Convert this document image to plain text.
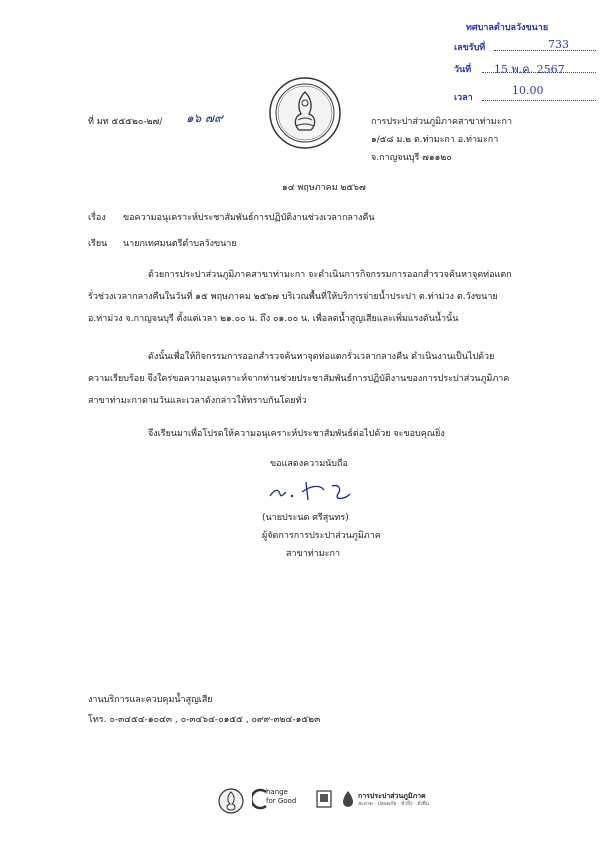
ทศบาลตำบลวังขนาย
เลขรับที่	733
วันที่ 15 พ.ค. 2567
เวลา
10.00
ที่ มท ๕๕๕๒๐-๒๗/ ๑๖ ๗๙	การประปาส่วนภูมิภาคสาขาท่ามะกา
๑/๕๘ ม.๒ ต.ท่ามะกา อ.ท่ามะกา
จ.กาญจนบุรี ๗๑๑๒๐
๑๔ พฤษภาคม ๒๕๖๗
เรื่อง ขอความอนุเคราะห์ประชาสัมพันธ์การปฏิบัติงานช่วงเวลากลางคืน
เรียน นายกเทศมนตรีตำบลวังขนาย
ด้วยการประปาส่วนภูมิภาคสาขาท่ามะกา จะดำเนินการกิจกรรมการออกสำรวจค้นหาจุดท่อแตกรั่วช่วงเวลากลางคืนในวันที่ ๑๕ พฤษภาคม ๒๕๖๗ บริเวณพื้นที่ให้บริการจ่ายน้ำประปา ต.ท่าม่วง ต.วังขนาย อ.ท่าม่วง จ.กาญจนบุรี ตั้งแต่เวลา ๒๑.๐๐ น. ถึง ๐๑.๐๐ น. เพื่อลดน้ำสูญเสียและเพิ่มแรงดันน้ำนั้น
ดังนั้นเพื่อให้กิจกรรมการออกสำรวจค้นหาจุดท่อแตกรั่วเวลากลางคืน ดำเนินงานเป็นไปด้วยความเรียบร้อย จึงใคร่ขอความอนุเคราะห์จากท่านช่วยประชาสัมพันธ์การปฏิบัติงานของการประปาส่วนภูมิภาคสาขาท่ามะกาตามวันและเวลาดังกล่าวให้ทราบกันโดยทั่ว
จึงเรียนมาเพื่อโปรดให้ความอนุเคราะห์ประชาสัมพันธ์ต่อไปด้วย จะขอบคุณยิ่ง
ขอแสดงความนับถือ
(นายประนต ศรีสุนทร)
ผู้จัดการการประปาส่วนภูมิภาค
สาขาท่ามะกา
งานบริการและควบคุมน้ำสูญเสีย
โทร. ๐-๓๔๕๔-๑๐๔๓ , ๐-๓๔๖๔-๐๑๕๕ , ๐๙๙-๓๒๔-๑๕๒๓
hange
for Good
การประปาส่วนภูมิภาค
สะอาด · ปลอดภัย · ทั่วถึง · ยั่งยืน
